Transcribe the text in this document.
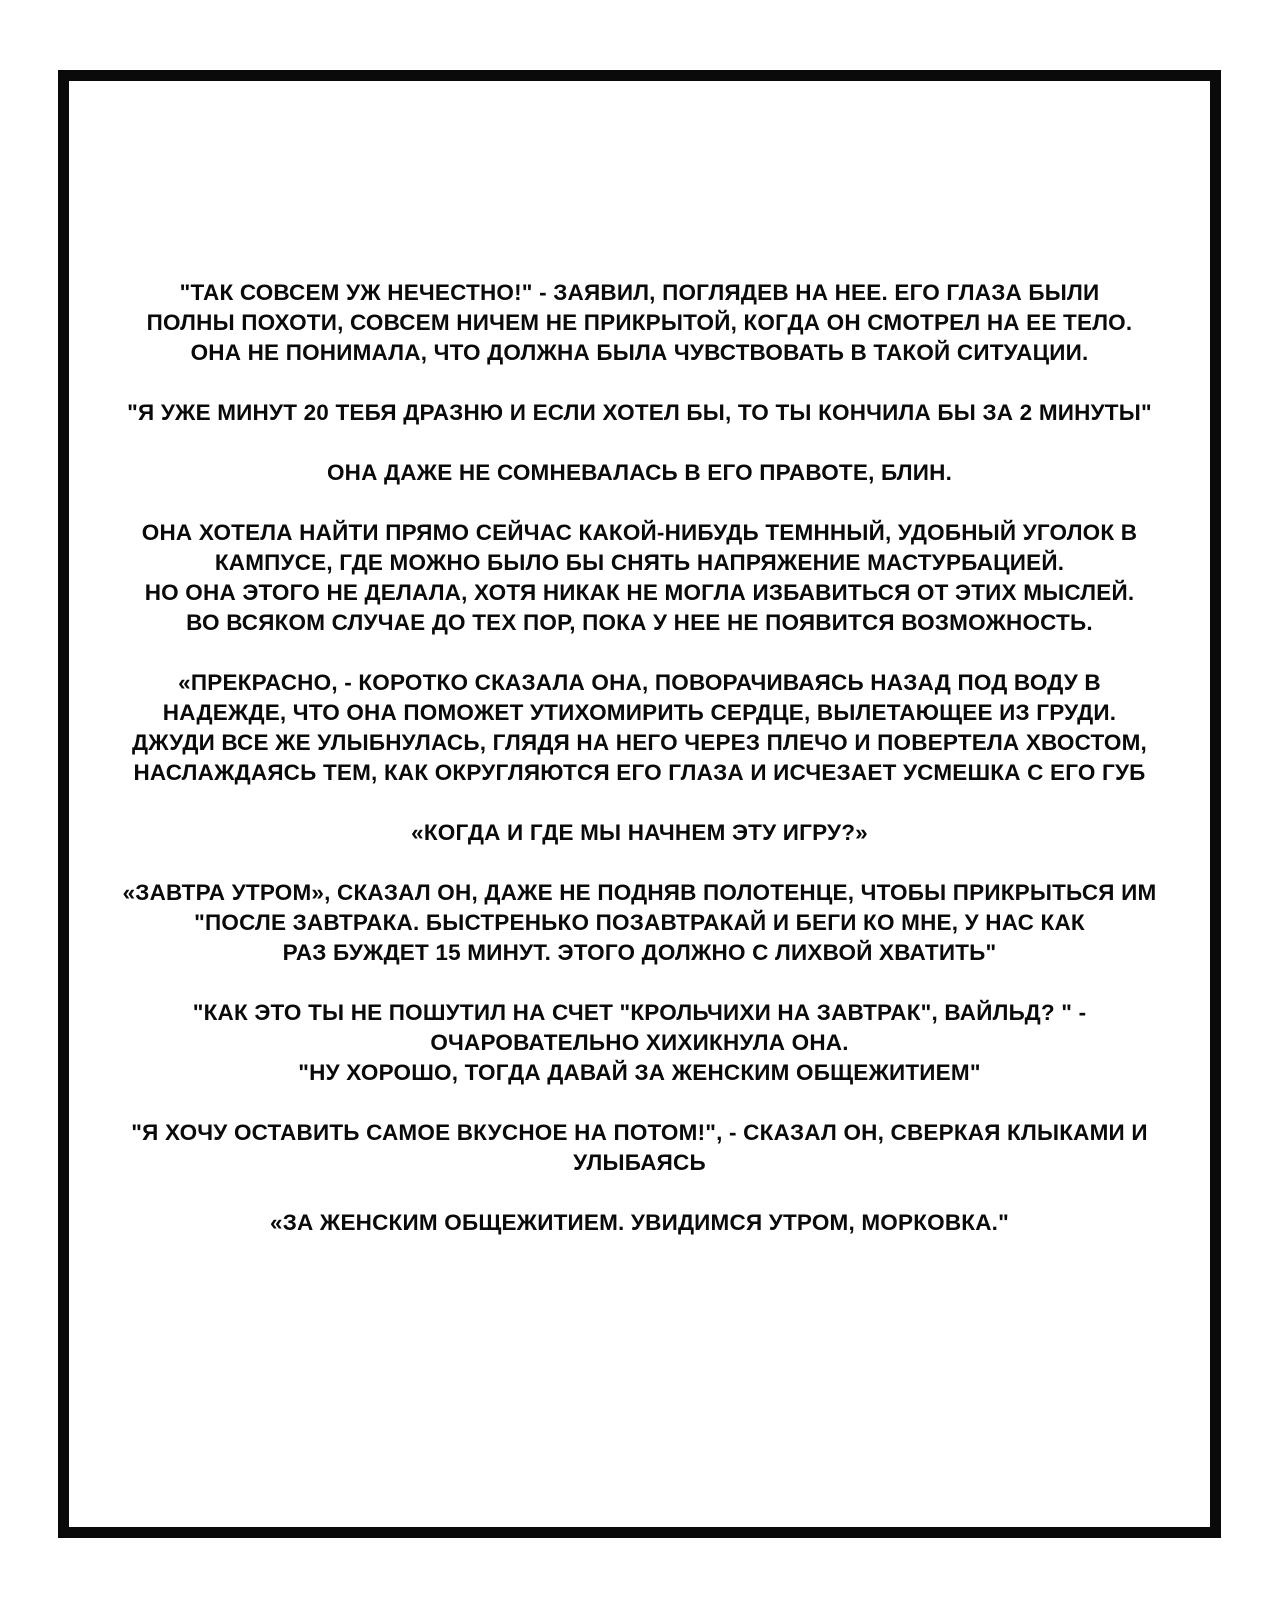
"ТАК СОВСЕМ УЖ НЕЧЕСТНО!" - ЗАЯВИЛ, ПОГЛЯДЕВ НА НЕЕ. ЕГО ГЛАЗА БЫЛИ
ПОЛНЫ ПОХОТИ, СОВСЕМ НИЧЕМ НЕ ПРИКРЫТОЙ, КОГДА ОН СМОТРЕЛ НА ЕЕ ТЕЛО.
ОНА НЕ ПОНИМАЛА, ЧТО ДОЛЖНА БЫЛА ЧУВСТВОВАТЬ В ТАКОЙ СИТУАЦИИ.
"Я УЖЕ МИНУТ 20 ТЕБЯ ДРАЗНЮ И ЕСЛИ ХОТЕЛ БЫ, ТО ТЫ КОНЧИЛА БЫ ЗА 2 МИНУТЫ"
ОНА ДАЖЕ НЕ СОМНЕВАЛАСЬ В ЕГО ПРАВОТЕ, БЛИН.
ОНА ХОТЕЛА НАЙТИ ПРЯМО СЕЙЧАС КАКОЙ-НИБУДЬ ТЕМННЫЙ, УДОБНЫЙ УГОЛОК В
КАМПУСЕ, ГДЕ МОЖНО БЫЛО БЫ СНЯТЬ НАПРЯЖЕНИЕ МАСТУРБАЦИЕЙ.
НО ОНА ЭТОГО НЕ ДЕЛАЛА, ХОТЯ НИКАК НЕ МОГЛА ИЗБАВИТЬСЯ ОТ ЭТИХ МЫСЛЕЙ.
ВО ВСЯКОМ СЛУЧАЕ ДО ТЕХ ПОР, ПОКА У НЕЕ НЕ ПОЯВИТСЯ ВОЗМОЖНОСТЬ.
«ПРЕКРАСНО, - КОРОТКО СКАЗАЛА ОНА, ПОВОРАЧИВАЯСЬ НАЗАД ПОД ВОДУ В
НАДЕЖДЕ, ЧТО ОНА ПОМОЖЕТ УТИХОМИРИТЬ СЕРДЦЕ, ВЫЛЕТАЮЩЕЕ ИЗ ГРУДИ.
ДЖУДИ ВСЕ ЖЕ УЛЫБНУЛАСЬ, ГЛЯДЯ НА НЕГО ЧЕРЕЗ ПЛЕЧО И ПОВЕРТЕЛА ХВОСТОМ,
НАСЛАЖДАЯСЬ ТЕМ, КАК ОКРУГЛЯЮТСЯ ЕГО ГЛАЗА И ИСЧЕЗАЕТ УСМЕШКА С ЕГО ГУБ
«КОГДА И ГДЕ МЫ НАЧНЕМ ЭТУ ИГРУ?»
«ЗАВТРА УТРОМ», СКАЗАЛ ОН, ДАЖЕ НЕ ПОДНЯВ ПОЛОТЕНЦЕ, ЧТОБЫ ПРИКРЫТЬСЯ ИМ
"ПОСЛЕ ЗАВТРАКА. БЫСТРЕНЬКО ПОЗАВТРАКАЙ И БЕГИ КО МНЕ, У НАС КАК
РАЗ БУЖДЕТ 15 МИНУТ. ЭТОГО ДОЛЖНО С ЛИХВОЙ ХВАТИТЬ"
"КАК ЭТО ТЫ НЕ ПОШУТИЛ НА СЧЕТ "КРОЛЬЧИХИ НА ЗАВТРАК", ВАЙЛЬД? " -
ОЧАРОВАТЕЛЬНО ХИХИКНУЛА ОНА.
"НУ ХОРОШО, ТОГДА ДАВАЙ ЗА ЖЕНСКИМ ОБЩЕЖИТИЕМ"
"Я ХОЧУ ОСТАВИТЬ САМОЕ ВКУСНОЕ НА ПОТОМ!", - СКАЗАЛ ОН, СВЕРКАЯ КЛЫКАМИ И
УЛЫБАЯСЬ
«ЗА ЖЕНСКИМ ОБЩЕЖИТИЕМ. УВИДИМСЯ УТРОМ, МОРКОВКА."
